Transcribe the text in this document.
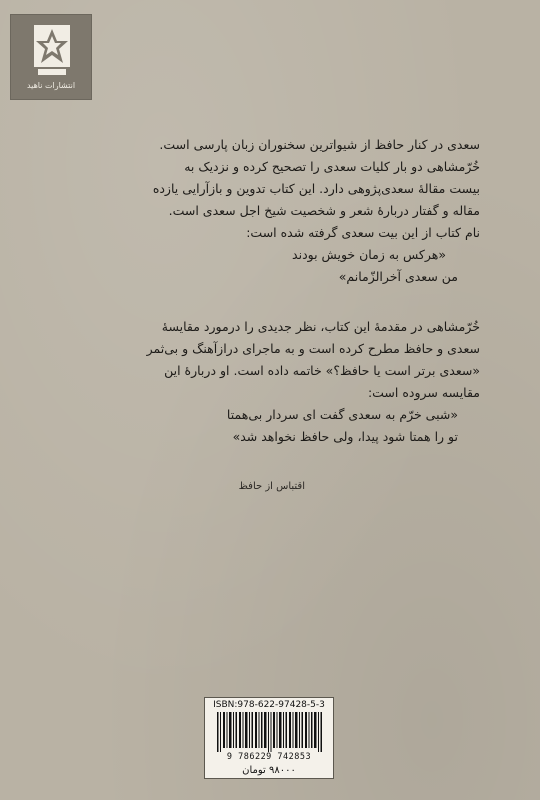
انتشارات ناهید
سعدی در کنار حافظ از شیواترین سخنوران زبان پارسی است.
خُرّمشاهی دو بار کلیات سعدی را تصحیح کرده و نزدیک به
بیست مقالهٔ سعدی‌پژوهی دارد. این کتاب تدوین و بازآرایی یازده
مقاله و گفتار دربارهٔ شعر و شخصیت شیخ اجل سعدی است.
نام کتاب از این بیت سعدی گرفته شده است:
«هرکس به زمان خویش بودند
من سعدی آخرالزّمانم»
خُرّمشاهی در مقدمهٔ این کتاب، نظر جدیدی را درمورد مقایسهٔ
سعدی و حافظ مطرح کرده است و به ماجرای درازآهنگ و بی‌ثمر
«سعدی برتر است یا حافظ؟» خاتمه داده است. او دربارهٔ این
مقایسه سروده است:
«شبی خرّم به سعدی گفت ای سردار بی‌همتا
تو را همتا شود پیدا، ولی حافظ نخواهد شد»
اقتباس از حافظ
ISBN:978-622-97428-5-3
9 786229 742853
۹۸۰۰۰ تومان
